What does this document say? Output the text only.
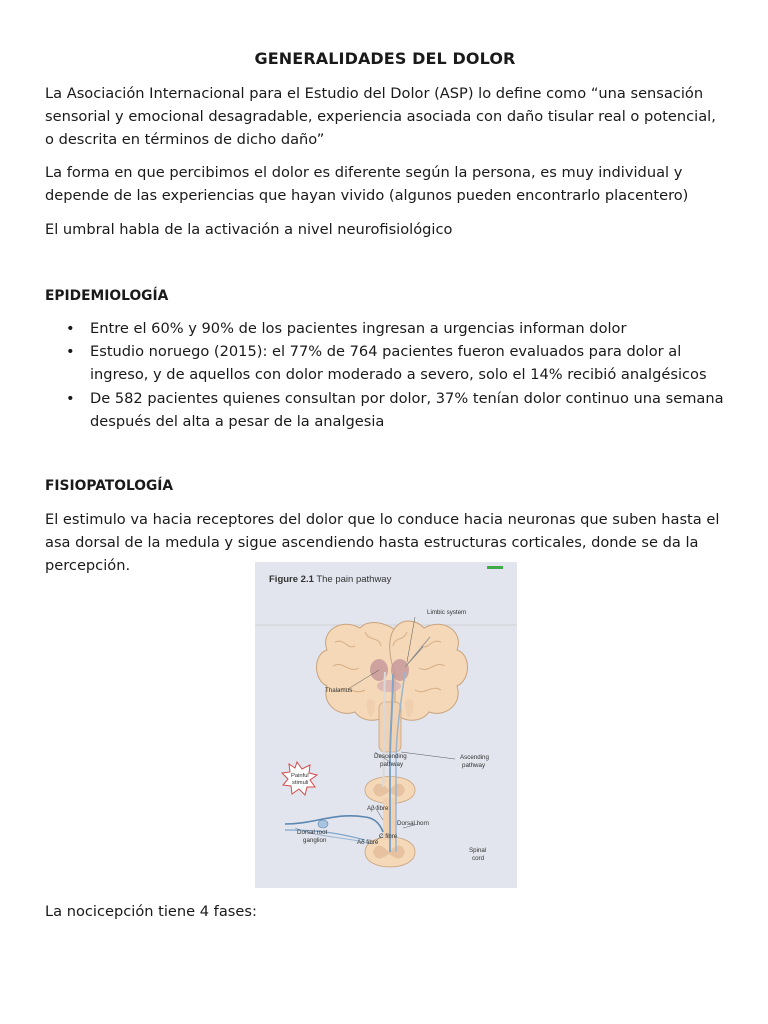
GENERALIDADES DEL DOLOR

La Asociación Internacional para el Estudio del Dolor (ASP) lo define como “una sensación sensorial y emocional desagradable, experiencia asociada con daño tisular real o potencial, o descrita en términos de dicho daño”

La forma en que percibimos el dolor es diferente según la persona, es muy individual y depende de las experiencias que hayan vivido (algunos pueden encontrarlo placentero)

El umbral habla de la activación a nivel neurofisiológico

EPIDEMIOLOGÍA
• Entre el 60% y 90% de los pacientes ingresan a urgencias informan dolor
• Estudio noruego (2015): el 77% de 764 pacientes fueron evaluados para dolor al ingreso, y de aquellos con dolor moderado a severo, solo el 14% recibió analgésicos
• De 582 pacientes quienes consultan por dolor, 37% tenían dolor continuo una semana después del alta a pesar de la analgesia
FISIOPATOLOGÍA

El estimulo va hacia receptores del dolor que lo conduce hacia neuronas que suben hasta el asa dorsal de la medula y sigue ascendiendo hasta estructuras corticales, donde se da la percepción.

Figure 2.1 The pain pathway
Limbic system
Thalamus
Descending
pathway
Ascending
pathway
Painful
stimuli
Aβ fibre
Dorsal horn
C fibre
Aδ fibre
Dorsal root
ganglion
Spinal
cord

La nocicepción tiene 4 fases:
